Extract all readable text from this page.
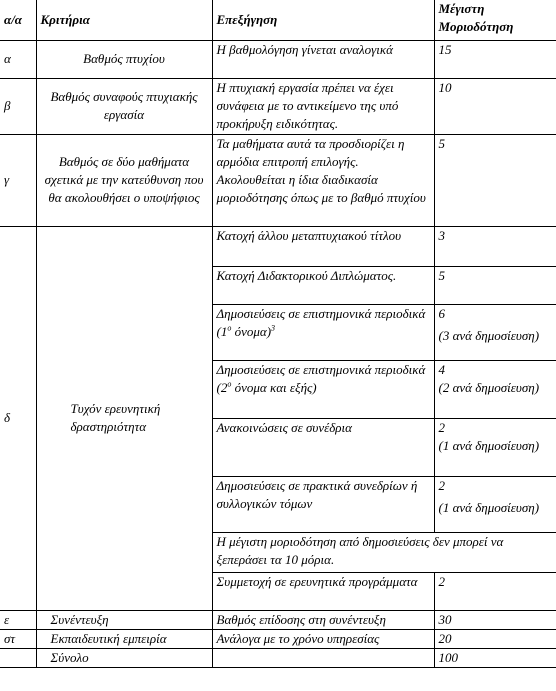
α/α	Κριτήρια	Επεξήγηση	Μέγιστη Μοριοδότηση
α	Βαθμός πτυχίου	Η βαθμολόγηση γίνεται αναλογικά	15
β	Βαθμός συναφούς πτυχιακής εργασία	Η πτυχιακή εργασία πρέπει να έχει συνάφεια με το αντικείμενο της υπό προκήρυξη ειδικότητας.	10
γ	Βαθμός σε δύο μαθήματα σχετικά με την κατεύθυνση που θα ακολουθήσει ο υποψήφιος	Τα μαθήματα αυτά τα προσδιορίζει η αρμόδια επιτροπή επιλογής. Ακολουθείται η ίδια διαδικασία μοριοδότησης όπως με το βαθμό πτυχίου	5
δ	Τυχόν ερευνητική δραστηριότητα	Κατοχή άλλου μεταπτυχιακού τίτλου	3
		Κατοχή Διδακτορικού Διπλώματος.	5
		Δημοσιεύσεις σε επιστημονικά περιοδικά ($1^o$ όνομα)$^3$	6
(3 ανά δημοσίευση)

		Δημοσιεύσεις σε επιστημονικά περιοδικά ($2^o$ όνομα και εξής)	4
(2 ανά δημοσίευση)

		Ανακοινώσεις σε συνέδρια	2
(1 ανά δημοσίευση)

		Δημοσιεύσεις σε πρακτικά συνεδρίων ή συλλογικών τόμων	2
(1 ανά δημοσίευση)

		Η μέγιστη μοριοδότηση από δημοσιεύσεις δεν μπορεί να ξεπεράσει τα 10 μόρια.	
		Συμμετοχή σε ερευνητικά προγράμματα	2
ε	Συνέντευξη	Βαθμός επίδοσης στη συνέντευξη	30
στ	Εκπαιδευτική εμπειρία	Ανάλογα με το χρόνο υπηρεσίας	20
	Σύνολο		100
